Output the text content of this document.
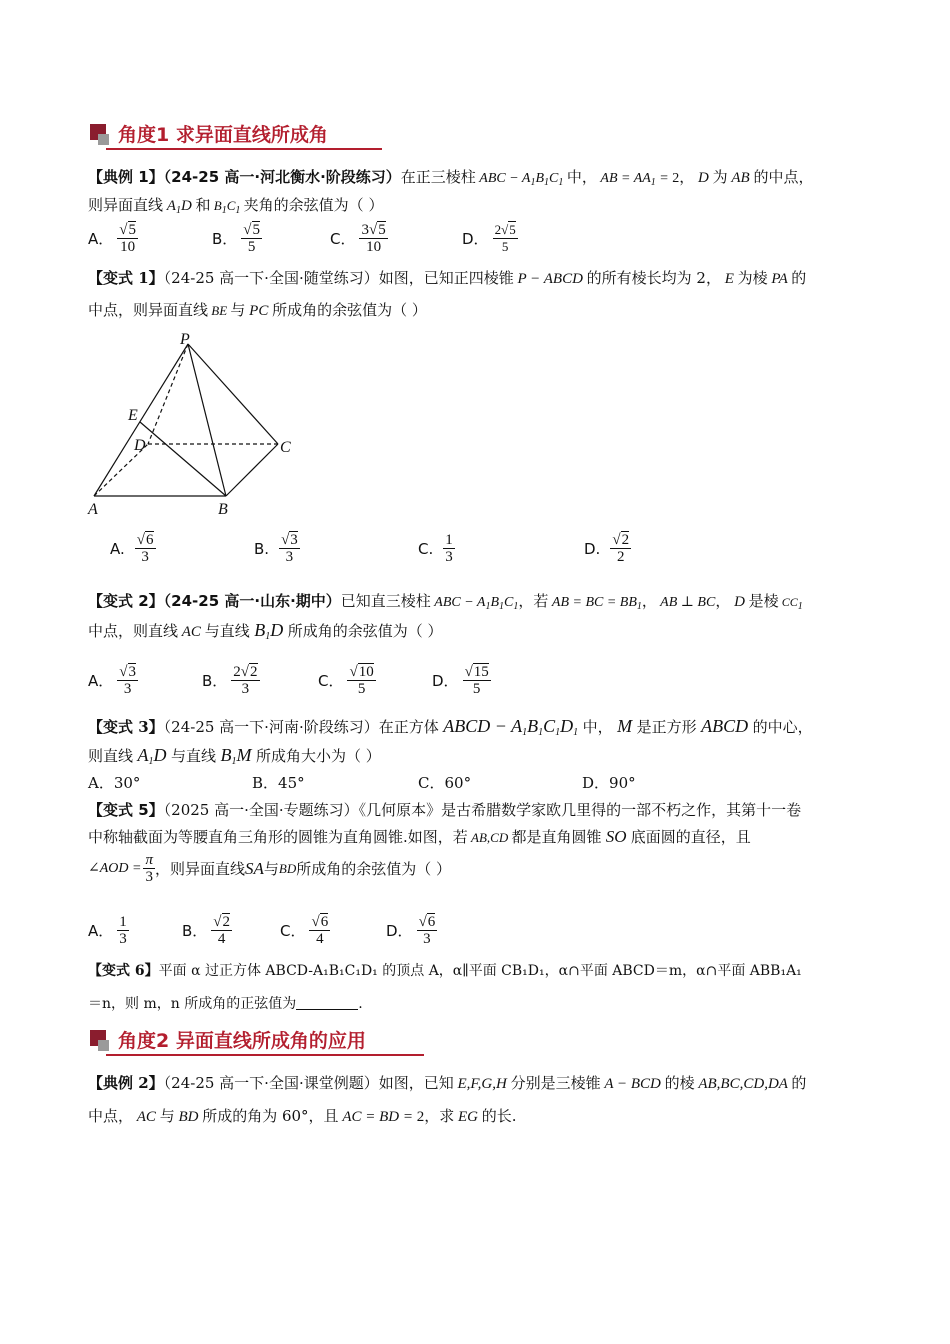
角度1 求异面直线所成角
【典例 1】（24-25 高一·河北衡水·阶段练习）在正三棱柱 ABC − $A_1B_1C_1$ 中， AB = $AA_1 = 2$， D 为 AB 的中点，
则异面直线 $A_1D$ 和 $B_1C_1$ 夹角的余弦值为（ ）
A． $\frac{√5}{10}$	B． $\frac{√5}{5}$	C． $\frac{3√5}{10}$	D． $\frac{2√5}{5}$
【变式 1】（24-25 高一下·全国·随堂练习）如图，已知正四棱锥 P − ABCD 的所有棱长均为 2， E 为棱 PA 的
中点，则异面直线 BE 与 PC 所成角的余弦值为（ ）
P
E
D	C
A	B
A. $\frac{√6}{3}$	B. $\frac{√3}{3}$	C. $\frac{1}{3}$	D. $\frac{√2}{2}$
【变式 2】（24-25 高一·山东·期中）已知直三棱柱 ABC − $A_1B_1C_1$，若 AB = BC = $BB_1$， AB ⊥ BC， D 是棱 $CC_1$
中点，则直线 AC 与直线 $B_1D$ 所成角的余弦值为（ ）
A． $\frac{√3}{3}$	B． $\frac{2√2}{3}$	C． $\frac{√10}{5}$	D． $\frac{√15}{5}$
【变式 3】（24-25 高一下·河南·阶段练习）在正方体 ABCD − $A_1B_1C_1D_1$ 中， M 是正方形 ABCD 的中心，
则直线 $A_1D$ 与直线 $B_1M$ 所成角大小为（ ）
A． 30°	B． 45°	C． 60°	D． 90°
【变式 5】（2025 高一·全国·专题练习）《几何原本》是古希腊数学家欧几里得的一部不朽之作，其第十一卷
中称轴截面为等腰直角三角形的圆锥为直角圆锥.如图，若 AB,CD 都是直角圆锥 SO 底面圆的直径，且
∠AOD = $\frac{\pi}{3}$ ，则异面直线 SA 与 BD 所成角的余弦值为（ ）
A． $\frac{1}{3}$	B． $\frac{√2}{4}$	C． $\frac{√6}{4}$	D． $\frac{√6}{3}$
【变式 6】平面 α 过正方体 ABCD-A₁B₁C₁D₁ 的顶点 A，α∥平面 CB₁D₁，α∩平面 ABCD＝m，α∩平面 ABB₁A₁
＝n，则 m，n 所成角的正弦值为	.
角度2 异面直线所成角的应用
【典例 2】（24-25 高一下·全国·课堂例题）如图，已知 E,F,G,H 分别是三棱锥 A − BCD 的棱 AB,BC,CD,DA 的
中点， AC 与 BD 所成的角为 60°，且 AC = BD = 2，求 EG 的长.
